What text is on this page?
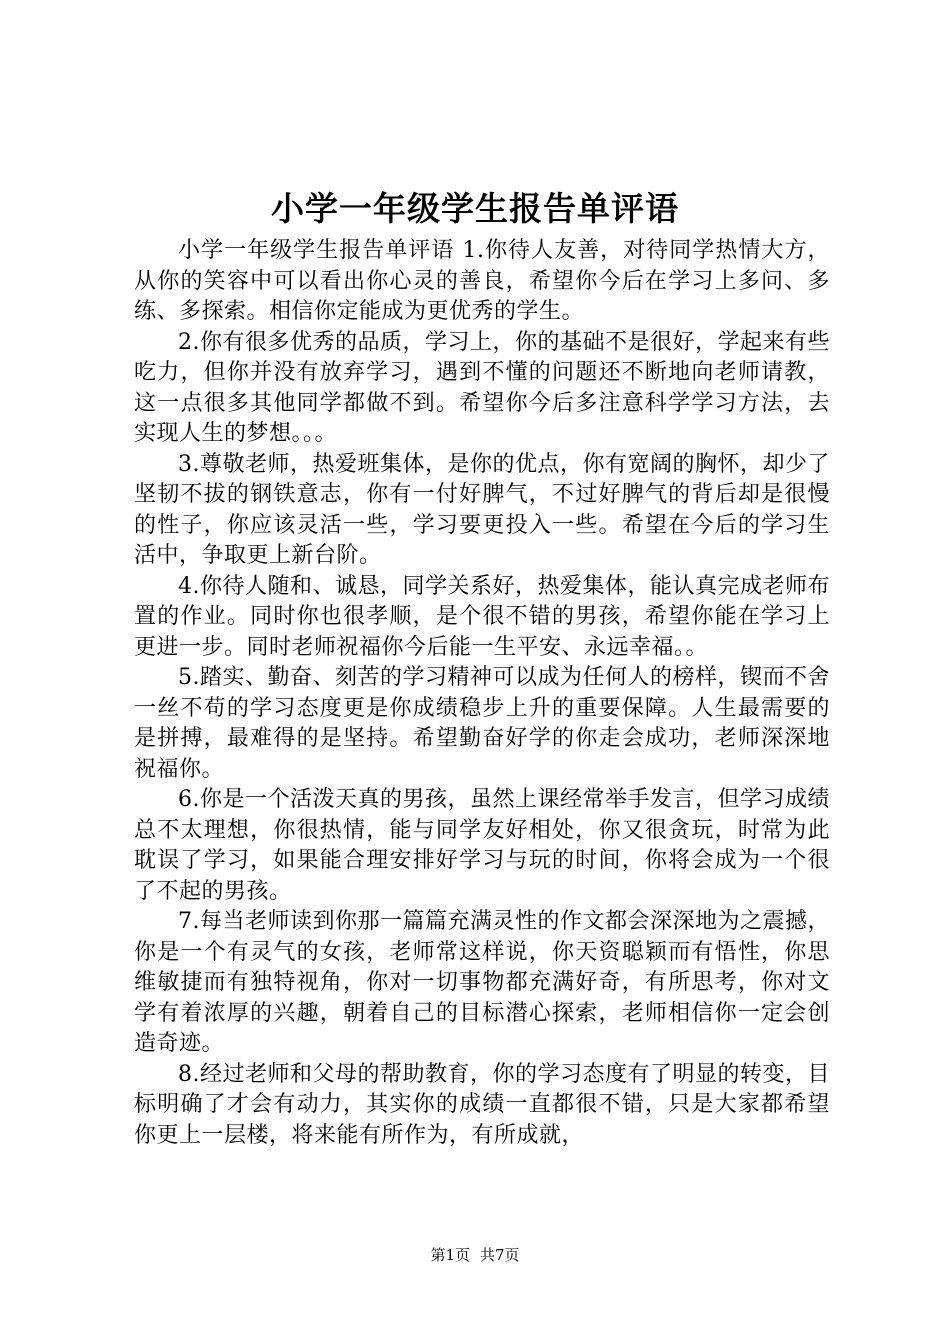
小学一年级学生报告单评语

小学一年级学生报告单评语 1.你待人友善，对待同学热情大方，从你的笑容中可以看出你心灵的善良，希望你今后在学习上多问、多练、多探索。相信你定能成为更优秀的学生。

2.你有很多优秀的品质，学习上，你的基础不是很好，学起来有些吃力，但你并没有放弃学习，遇到不懂的问题还不断地向老师请教，这一点很多其他同学都做不到。希望你今后多注意科学学习方法，去实现人生的梦想。。。

3.尊敬老师，热爱班集体，是你的优点，你有宽阔的胸怀，却少了坚韧不拔的钢铁意志，你有一付好脾气，不过好脾气的背后却是很慢的性子，你应该灵活一些，学习要更投入一些。希望在今后的学习生活中，争取更上新台阶。

4.你待人随和、诚恳，同学关系好，热爱集体，能认真完成老师布置的作业。同时你也很孝顺，是个很不错的男孩，希望你能在学习上更进一步。同时老师祝福你今后能一生平安、永远幸福。。

5.踏实、勤奋、刻苦的学习精神可以成为任何人的榜样，锲而不舍一丝不苟的学习态度更是你成绩稳步上升的重要保障。人生最需要的是拼搏，最难得的是坚持。希望勤奋好学的你走会成功，老师深深地祝福你。

6.你是一个活泼天真的男孩，虽然上课经常举手发言，但学习成绩总不太理想，你很热情，能与同学友好相处，你又很贪玩，时常为此耽误了学习，如果能合理安排好学习与玩的时间，你将会成为一个很了不起的男孩。

7.每当老师读到你那一篇篇充满灵性的作文都会深深地为之震撼，你是一个有灵气的女孩，老师常这样说，你天资聪颖而有悟性，你思维敏捷而有独特视角，你对一切事物都充满好奇，有所思考，你对文学有着浓厚的兴趣，朝着自己的目标潜心探索，老师相信你一定会创造奇迹。

8.经过老师和父母的帮助教育，你的学习态度有了明显的转变，目标明确了才会有动力，其实你的成绩一直都很不错，只是大家都希望你更上一层楼，将来能有所作为，有所成就，

第1页 共7页
